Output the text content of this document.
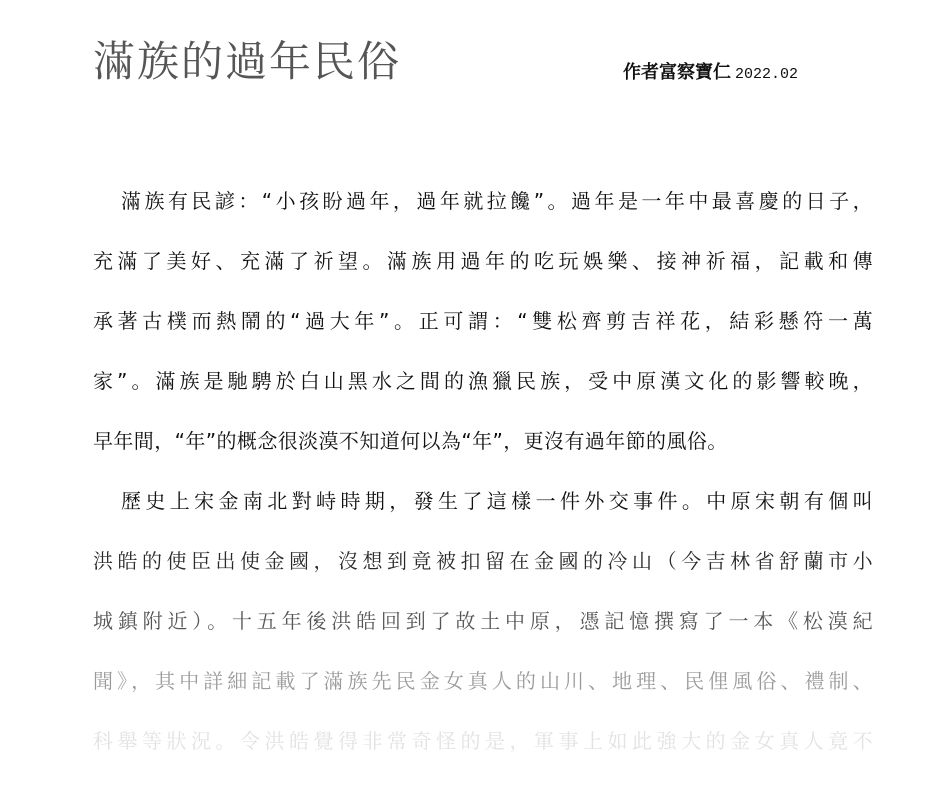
滿族的過年民俗	作者富察寶仁 2022.02
滿族有民諺：“小孩盼過年，過年就拉饞”。過年是一年中最喜慶的日子，
充滿了美好、充滿了祈望。滿族用過年的吃玩娛樂、接神祈福，記載和傳
承著古樸而熱鬧的“過大年”。正可謂：“雙松齊剪吉祥花，結彩懸符一萬
家”。滿族是馳騁於白山黑水之間的漁獵民族，受中原漢文化的影響較晚，
早年間，“年”的概念很淡漠不知道何以為“年”，更沒有過年節的風俗。
歷史上宋金南北對峙時期，發生了這樣一件外交事件。中原宋朝有個叫
洪皓的使臣出使金國，沒想到竟被扣留在金國的冷山（今吉林省舒蘭市小
城鎮附近）。十五年後洪皓回到了故土中原，憑記憶撰寫了一本《松漠紀
聞》，其中詳細記載了滿族先民金女真人的山川、地理、民俚風俗、禮制、
科舉等狀況。令洪皓覺得非常奇怪的是，軍事上如此強大的金女真人竟不
